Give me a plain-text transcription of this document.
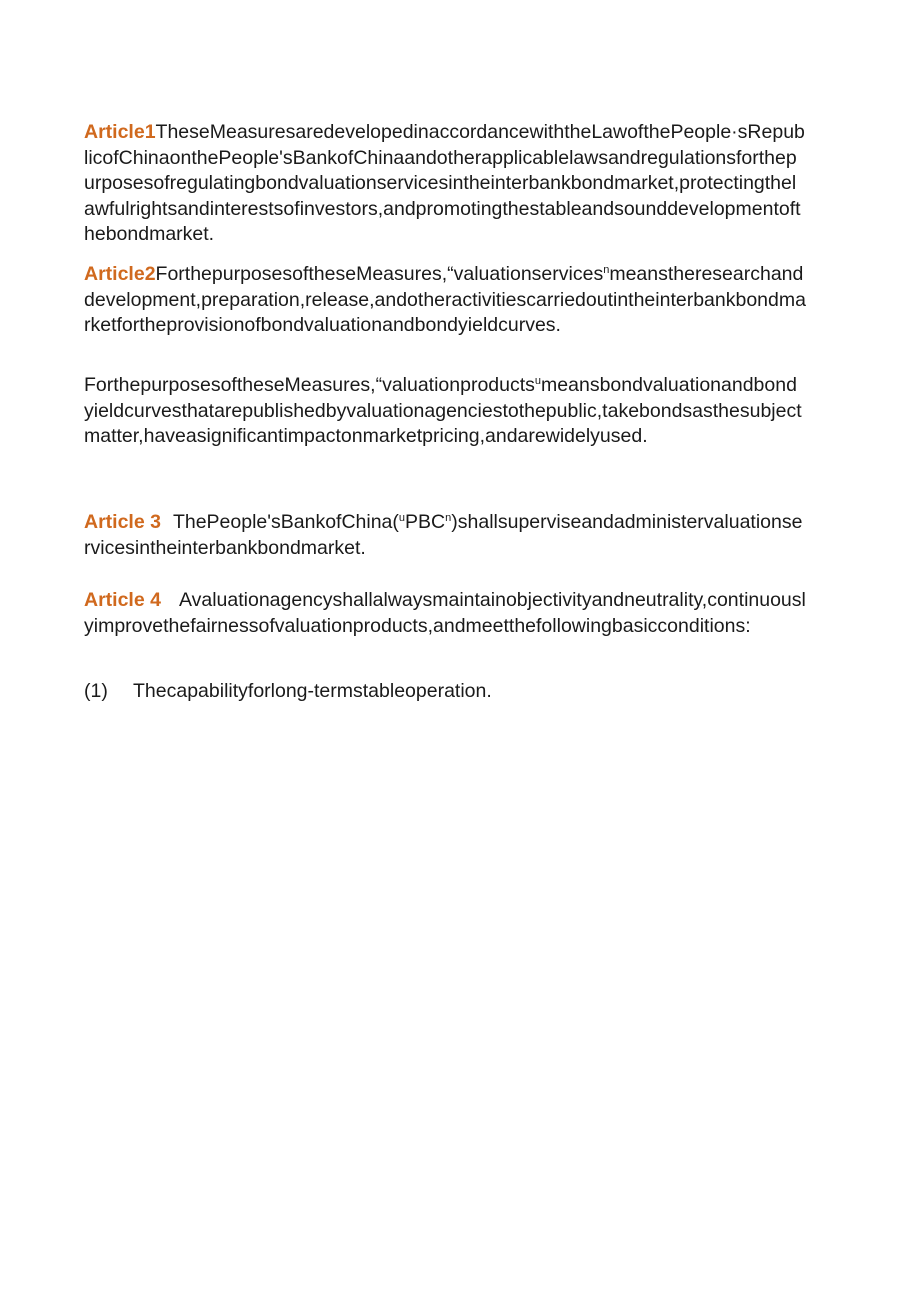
Article1TheseMeasuresaredevelopedinaccordancewiththeLawofthePeople·sRepublicofChinaonthePeople'sBankofChinaandotherapplicablelawsandregulationsforthepurposesofregulatingbondvaluationservicesintheinterbankbondmarket,protectingthelawfulrightsandinterestsofinvestors,andpromotingthestableandsounddevelopmentofthebondmarket.

Article2ForthepurposesoftheseMeasures,“valuationservices$^n$meanstheresearchanddevelopment,preparation,release,andotheractivitiescarriedoutintheinterbankbondmarketfortheprovisionofbondvaluationandbondyieldcurves.

ForthepurposesoftheseMeasures,“valuationproducts$^u$meansbondvaluationandbondyieldcurvesthatarepublishedbyvaluationagenciestothepublic,takebondsasthesubjectmatter,haveasignificantimpactonmarketpricing,andarewidelyused.

Article 3 ThePeople'sBankofChina($^u$PBC$^n$)shallsuperviseandadministervaluationservicesintheinterbankbondmarket.

Article 4 Avaluationagencyshallalwaysmaintainobjectivityandneutrality,continuouslyimprovethefairnessofvaluationproducts,andmeetthefollowingbasicconditions:

(1) Thecapabilityforlong-termstableoperation.
